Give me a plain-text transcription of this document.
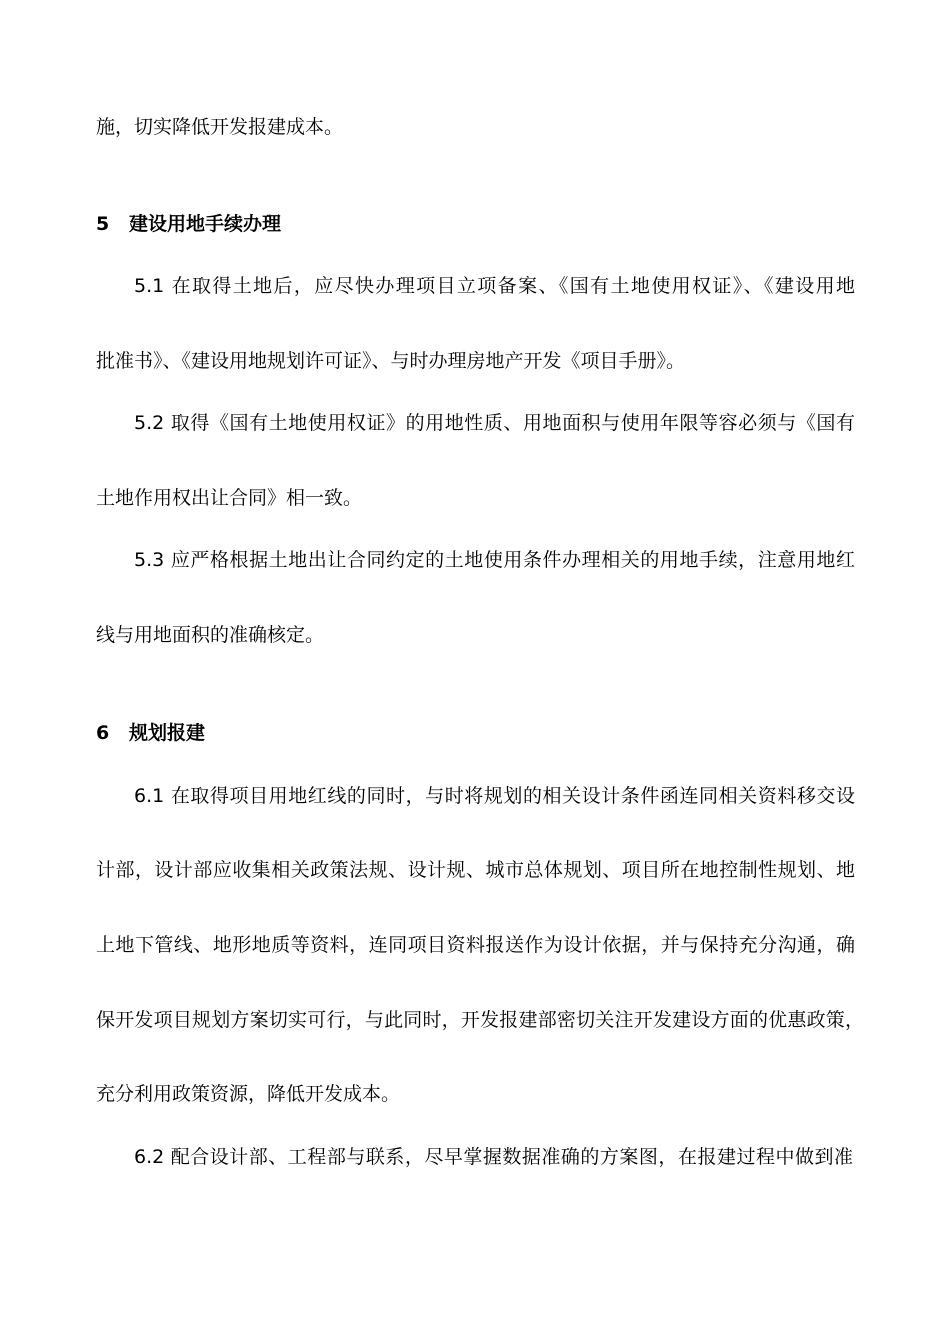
施，切实降低开发报建成本。
5 建设用地手续办理
5.1 在取得土地后，应尽快办理项目立项备案、《国有土地使用权证》、《建设用地
批准书》、《建设用地规划许可证》、与时办理房地产开发《项目手册》。
5.2 取得《国有土地使用权证》的用地性质、用地面积与使用年限等容必须与《国有
土地作用权出让合同》相一致。
5.3 应严格根据土地出让合同约定的土地使用条件办理相关的用地手续，注意用地红
线与用地面积的准确核定。
6 规划报建
6.1 在取得项目用地红线的同时，与时将规划的相关设计条件函连同相关资料移交设
计部，设计部应收集相关政策法规、设计规、城市总体规划、项目所在地控制性规划、地
上地下管线、地形地质等资料，连同项目资料报送作为设计依据，并与保持充分沟通，确
保开发项目规划方案切实可行，与此同时，开发报建部密切关注开发建设方面的优惠政策，
充分利用政策资源，降低开发成本。
6.2 配合设计部、工程部与联系，尽早掌握数据准确的方案图，在报建过程中做到准
